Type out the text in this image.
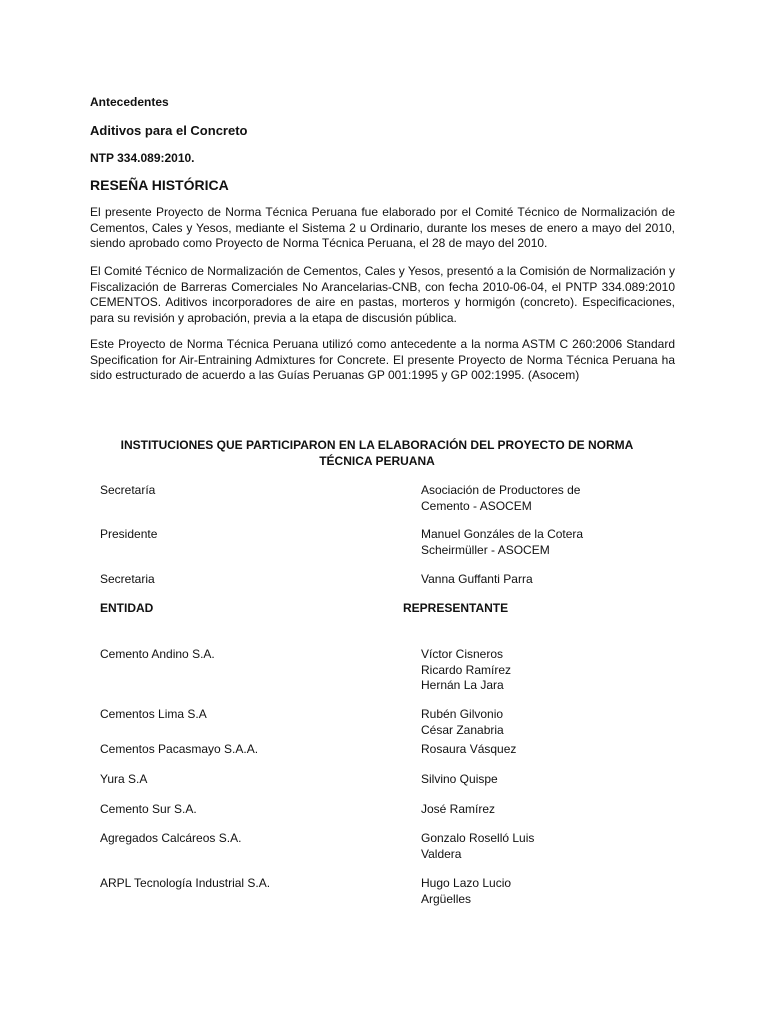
Antecedentes

Aditivos para el Concreto

NTP 334.089:2010.

RESEÑA HISTÓRICA

El presente Proyecto de Norma Técnica Peruana fue elaborado por el Comité Técnico de Normalización de Cementos, Cales y Yesos, mediante el Sistema 2 u Ordinario, durante los meses de enero a mayo del 2010, siendo aprobado como Proyecto de Norma Técnica Peruana, el 28 de mayo del 2010.

El Comité Técnico de Normalización de Cementos, Cales y Yesos, presentó a la Comisión de Normalización y Fiscalización de Barreras Comerciales No Arancelarias-CNB, con fecha 2010-06-04, el PNTP 334.089:2010 CEMENTOS. Aditivos incorporadores de aire en pastas, morteros y hormigón (concreto). Especificaciones, para su revisión y aprobación, previa a la etapa de discusión pública.

Este Proyecto de Norma Técnica Peruana utilizó como antecedente a la norma ASTM C 260:2006 Standard Specification for Air-Entraining Admixtures for Concrete. El presente Proyecto de Norma Técnica Peruana ha sido estructurado de acuerdo a las Guías Peruanas GP 001:1995 y GP 002:1995. (Asocem)

INSTITUCIONES QUE PARTICIPARON EN LA ELABORACIÓN DEL PROYECTO DE NORMA
TÉCNICA PERUANA
Secretaría	Asociación de Productores de
Cemento - ASOCEM
Presidente	Manuel Gonzáles de la Cotera
Scheirmüller - ASOCEM
Secretaria	Vanna Guffanti Parra
ENTIDAD	REPRESENTANTE
Cemento Andino S.A.	Víctor Cisneros
Ricardo Ramírez
Hernán La Jara
Cementos Lima S.A	Rubén Gilvonio
César Zanabria
Cementos Pacasmayo S.A.A.	Rosaura Vásquez
Yura S.A	Silvino Quispe
Cemento Sur S.A.	José Ramírez
Agregados Calcáreos S.A.	Gonzalo Roselló Luis
Valdera
ARPL Tecnología Industrial S.A.	Hugo Lazo Lucio
Argüelles
